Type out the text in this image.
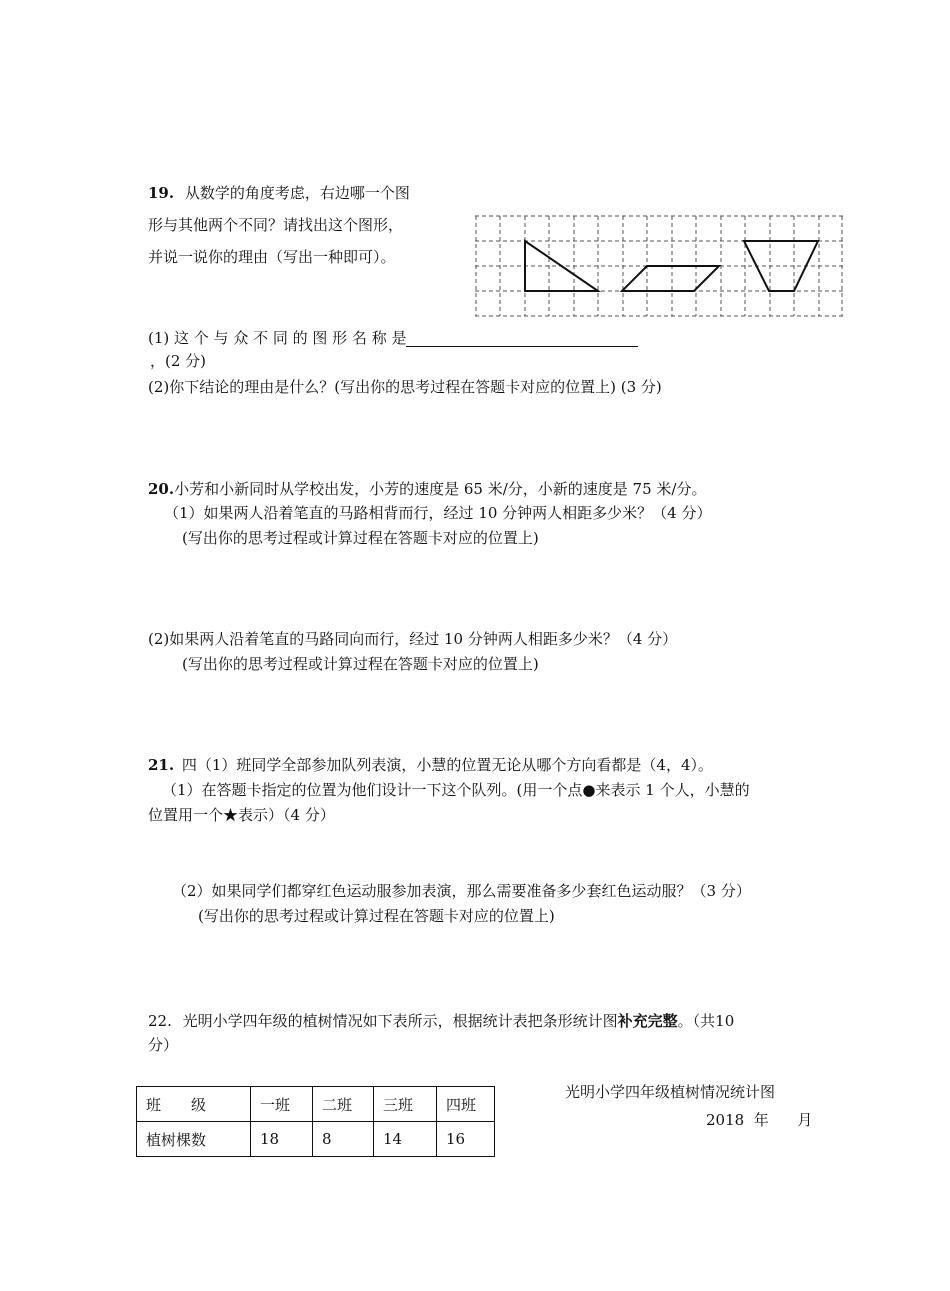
19. 从数学的角度考虑，右边哪一个图
形与其他两个不同？请找出这个图形，
并说一说你的理由（写出一种即可）。
(1) 这 个 与 众 不 同 的 图 形 名 称 是
，(2 分)
(2)你下结论的理由是什么？(写出你的思考过程在答题卡对应的位置上) (3 分)
20.小芳和小新同时从学校出发，小芳的速度是 65 米/分，小新的速度是 75 米/分。
（1）如果两人沿着笔直的马路相背而行，经过 10 分钟两人相距多少米？（4 分）
(写出你的思考过程或计算过程在答题卡对应的位置上)
(2)如果两人沿着笔直的马路同向而行，经过 10 分钟两人相距多少米？（4 分）
(写出你的思考过程或计算过程在答题卡对应的位置上)
21. 四（1）班同学全部参加队列表演，小慧的位置无论从哪个方向看都是（4，4）。
（1）在答题卡指定的位置为他们设计一下这个队列。(用一个点●来表示 1 个人，小慧的
位置用一个★表示）（4 分）
（2）如果同学们都穿红色运动服参加表演，那么需要准备多少套红色运动服？（3 分）
(写出你的思考过程或计算过程在答题卡对应的位置上)
22. 光明小学四年级的植树情况如下表所示，根据统计表把条形统计图补充完整。（共10
分）
班　　级	一班	二班	三班	四班
植树棵数	18	8	14	16
光明小学四年级植树情况统计图
2018  年      月
